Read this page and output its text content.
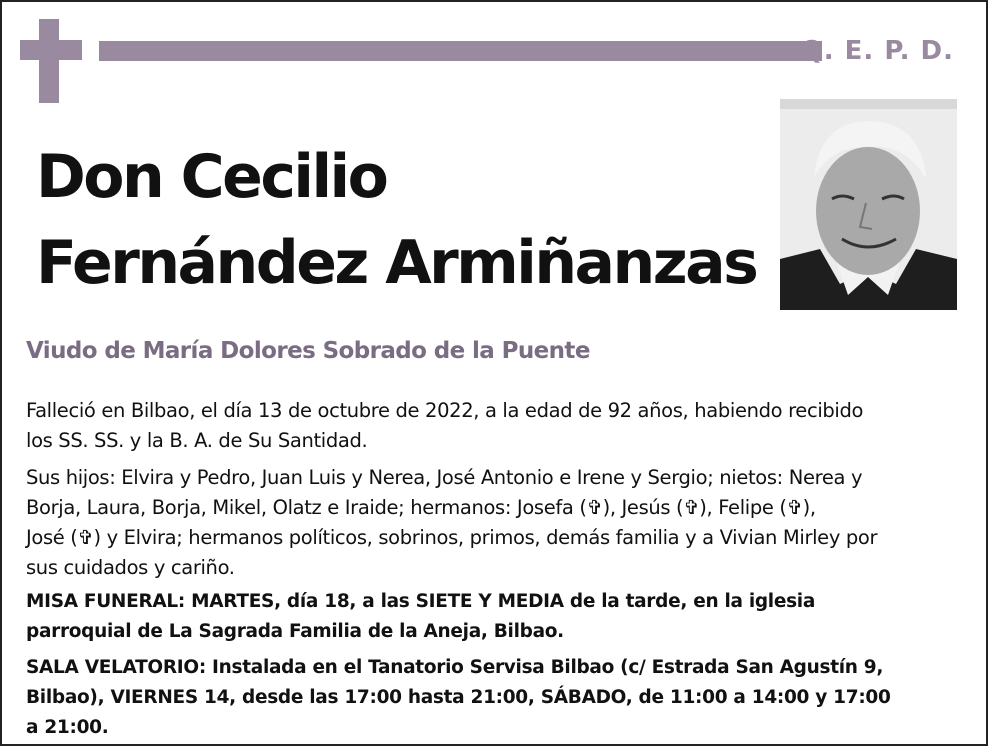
Q. E. P. D.
Don Cecilio
Fernández Armiñanzas
Viudo de María Dolores Sobrado de la Puente
Falleció en Bilbao, el día 13 de octubre de 2022, a la edad de 92 años, habiendo recibido
los SS. SS. y la B. A. de Su Santidad.
Sus hijos: Elvira y Pedro, Juan Luis y Nerea, José Antonio e Irene y Sergio; nietos: Nerea y
Borja, Laura, Borja, Mikel, Olatz e Iraide; hermanos: Josefa (✞), Jesús (✞), Felipe (✞),
José (✞) y Elvira; hermanos políticos, sobrinos, primos, demás familia y a Vivian Mirley por
sus cuidados y cariño.
MISA FUNERAL: MARTES, día 18, a las SIETE Y MEDIA de la tarde, en la iglesia
parroquial de La Sagrada Familia de la Aneja, Bilbao.
SALA VELATORIO: Instalada en el Tanatorio Servisa Bilbao (c/ Estrada San Agustín 9,
Bilbao), VIERNES 14, desde las 17:00 hasta 21:00, SÁBADO, de 11:00 a 14:00 y 17:00
a 21:00.
